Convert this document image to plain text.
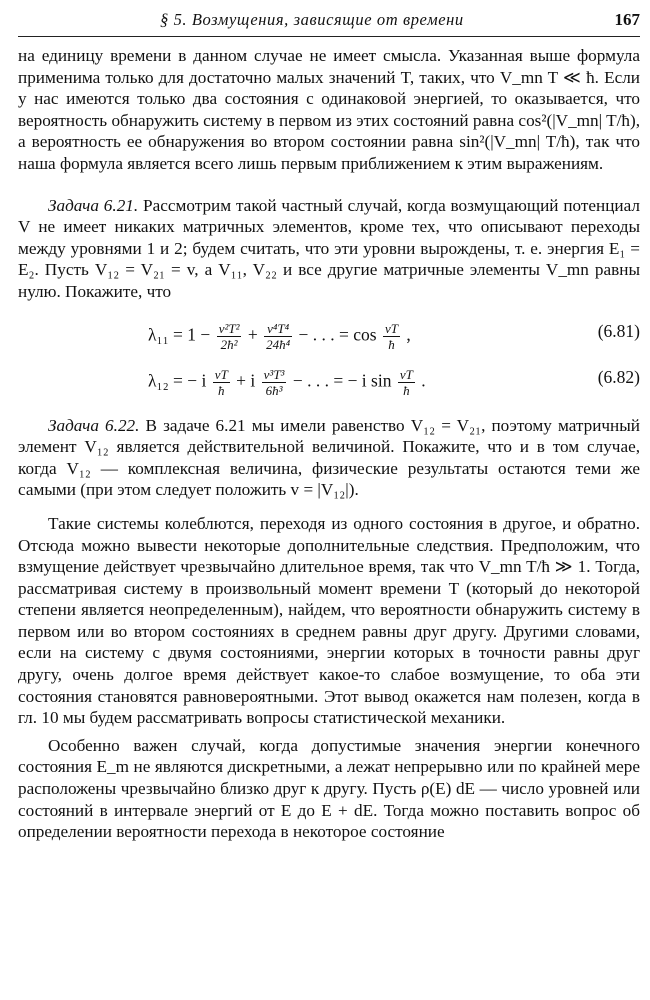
§ 5. Возмущения, зависящие от времени	167

на единицу времени в данном случае не имеет смысла. Указанная выше формула применима только для достаточно малых значений T, таких, что V_mn T ≪ ħ. Если у нас имеются только два состояния с одинаковой энергией, то оказывается, что вероятность обнаружить систему в первом из этих состояний равна cos²(|V_mn| T/ħ), а вероятность ее обнаружения во втором состоянии равна sin²(|V_mn| T/ħ), так что наша формула является всего лишь первым приближением к этим выражениям.

Задача 6.21. Рассмотрим такой частный случай, когда возмущающий потенциал V не имеет никаких матричных элементов, кроме тех, что описывают переходы между уровнями 1 и 2; будем считать, что эти уровни вырождены, т. е. энергия E₁ = E₂. Пусть V₁₂ = V₂₁ = v, а V₁₁, V₂₂ и все другие матричные элементы V_mn равны нулю. Покажите, что

$\lambda_{11} = 1 - \frac{\text{v²T²}}{\text{2ħ²}} + \frac{\text{v⁴T⁴}}{\text{24ħ⁴}}$ − . . . = $\cos \frac{vT}{ħ}$ ,	(6.81)
λ₁₂ = − i $\frac{vT}{ħ} + i \frac{\text{v³T³}}{\text{6ħ³}}$ − . . . = − i $\sin \frac{vT}{ħ}$ .	(6.82)

Задача 6.22. В задаче 6.21 мы имели равенство V₁₂ = V₂₁, поэтому матричный элемент V₁₂ является действительной величиной. Покажите, что и в том случае, когда V₁₂ — комплексная величина, физические результаты остаются теми же самыми (при этом следует положить v = |V₁₂|).

Такие системы колеблются, переходя из одного состояния в другое, и обратно. Отсюда можно вывести некоторые дополнительные следствия. Предположим, что взмущение действует чрезвычайно длительное время, так что V_mn T/ħ ≫ 1. Тогда, рассматривая систему в произвольный момент времени T (который до некоторой степени является неопределенным), найдем, что вероятности обнаружить систему в первом или во втором состояниях в среднем равны друг другу. Другими словами, если на систему с двумя состояниями, энергии которых в точности равны друг другу, очень долгое время действует какое-то слабое возмущение, то оба эти состояния становятся равновероятными. Этот вывод окажется нам полезен, когда в гл. 10 мы будем рассматривать вопросы статистической механики.

Особенно важен случай, когда допустимые значения энергии конечного состояния E_m не являются дискретными, а лежат непрерывно или по крайней мере расположены чрезвычайно близко друг к другу. Пусть ρ(E) dE — число уровней или состояний в интервале энергий от E до E + dE. Тогда можно поставить вопрос об определении вероятности перехода в некоторое состояние
